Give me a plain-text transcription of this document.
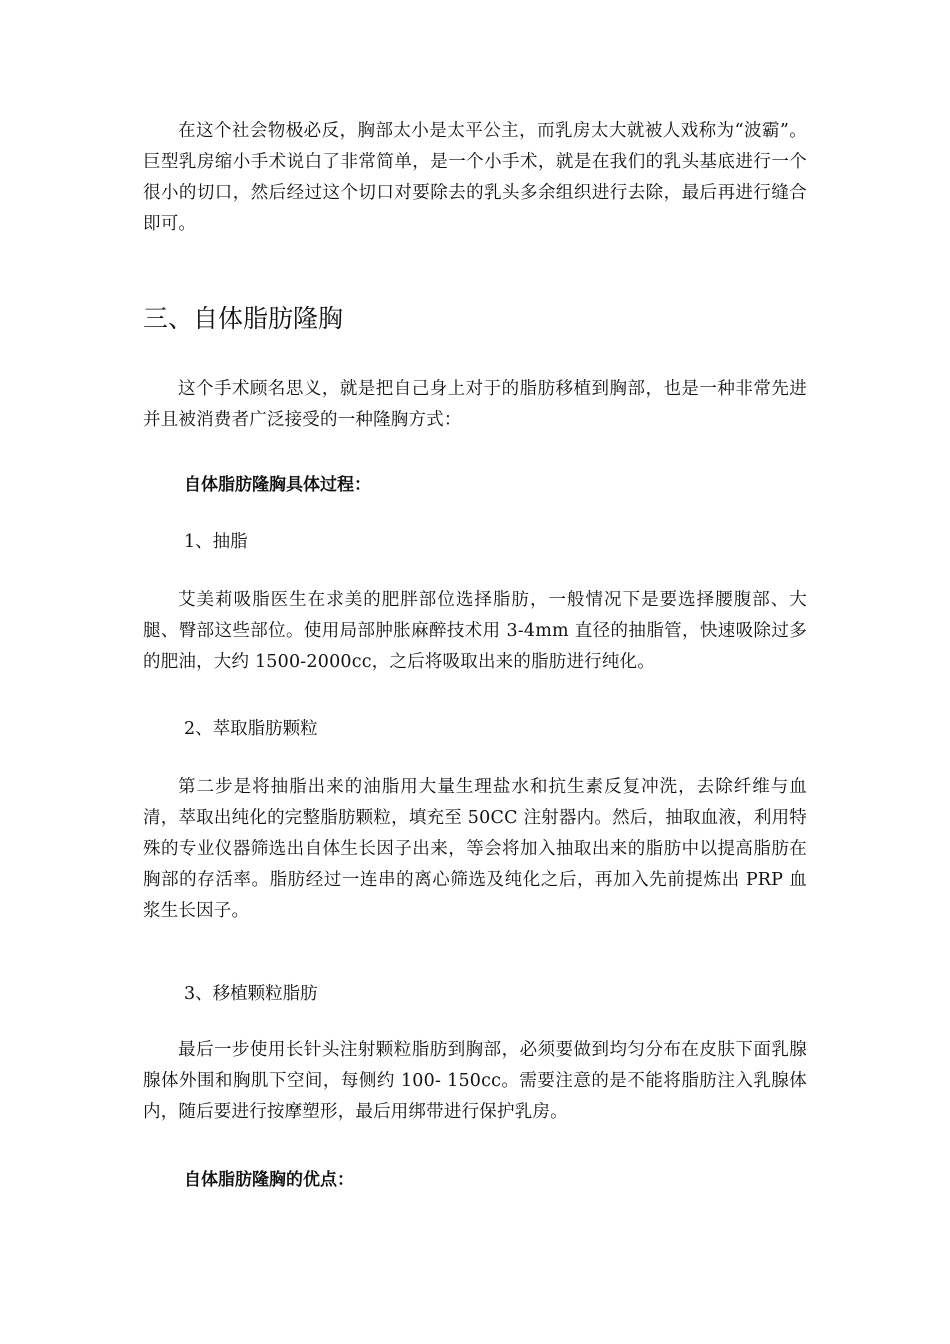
在这个社会物极必反，胸部太小是太平公主，而乳房太大就被人戏称为“波霸”。 巨型乳房缩小手术说白了非常简单，是一个小手术，就是在我们的乳头基底进行一个很小的切口，然后经过这个切口对要除去的乳头多余组织进行去除，最后再进行缝合即可。

三、自体脂肪隆胸

这个手术顾名思义，就是把自己身上对于的脂肪移植到胸部，也是一种非常先进并且被消费者广泛接受的一种隆胸方式：

自体脂肪隆胸具体过程：

1、抽脂

艾美莉吸脂医生在求美的肥胖部位选择脂肪，一般情况下是要选择腰腹部、大腿、臀部这些部位。使用局部肿胀麻醉技术用 3-4mm 直径的抽脂管，快速吸除过多的肥油，大约 1500-2000cc，之后将吸取出来的脂肪进行纯化。

2、萃取脂肪颗粒

第二步是将抽脂出来的油脂用大量生理盐水和抗生素反复冲洗，去除纤维与血清，萃取出纯化的完整脂肪颗粒，填充至 50CC 注射器内。然后，抽取血液，利用特殊的专业仪器筛选出自体生长因子出来，等会将加入抽取出来的脂肪中以提高脂肪在胸部的存活率。脂肪经过一连串的离心筛选及纯化之后，再加入先前提炼出 PRP 血浆生长因子。

3、移植颗粒脂肪

最后一步使用长针头注射颗粒脂肪到胸部，必须要做到均匀分布在皮肤下面乳腺腺体外围和胸肌下空间，每侧约 100- 150cc。需要注意的是不能将脂肪注入乳腺体内，随后要进行按摩塑形，最后用绑带进行保护乳房。

自体脂肪隆胸的优点：
